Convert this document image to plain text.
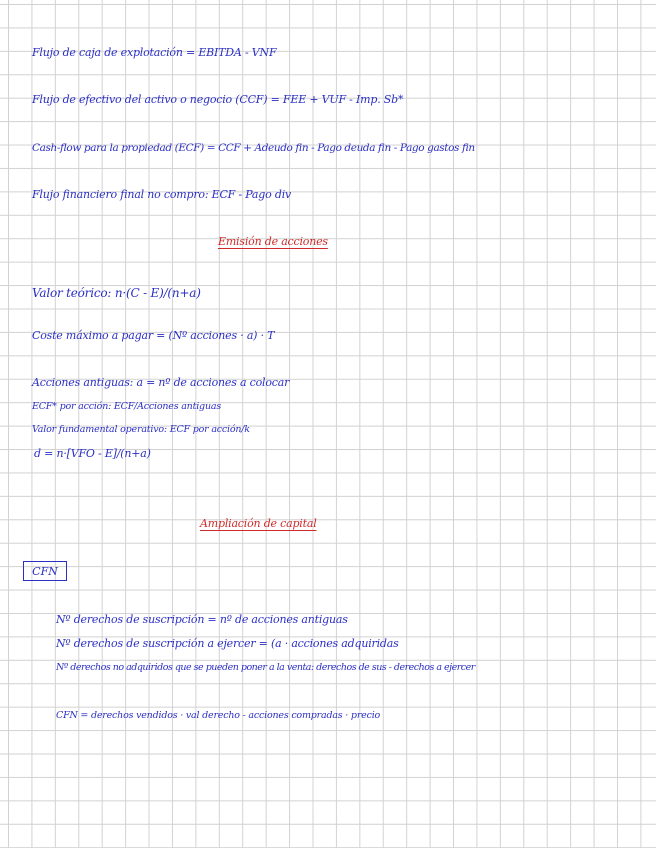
Flujo de caja de explotación = EBITDA - VNF

Flujo de efectivo del activo o negocio (CCF) = FEE + VUF - Imp. Sb*

Cash-flow para la propiedad (ECF) = CCF + Adeudo fin - Pago deuda fin - Pago gastos fin

Flujo financiero final no compro: ECF - Pago div

Emisión de acciones

Valor teórico: n·(C - E)/(n+a)

Coste máximo a pagar = (Nº acciones · a) · T

Acciones antiguas: a = nº de acciones a colocar

ECF* por acción: ECF/Acciones antiguas

Valor fundamental operativo: ECF por acción/k

d = n·[VFO - E]/(n+a)

Ampliación de capital

CFN

Nº derechos de suscripción = nº de acciones antiguas

Nº derechos de suscripción a ejercer = (a · acciones adquiridas

Nº derechos no adquiridos que se pueden poner a la venta: derechos de sus - derechos a ejercer

CFN = derechos vendidos · val derecho - acciones compradas · precio
